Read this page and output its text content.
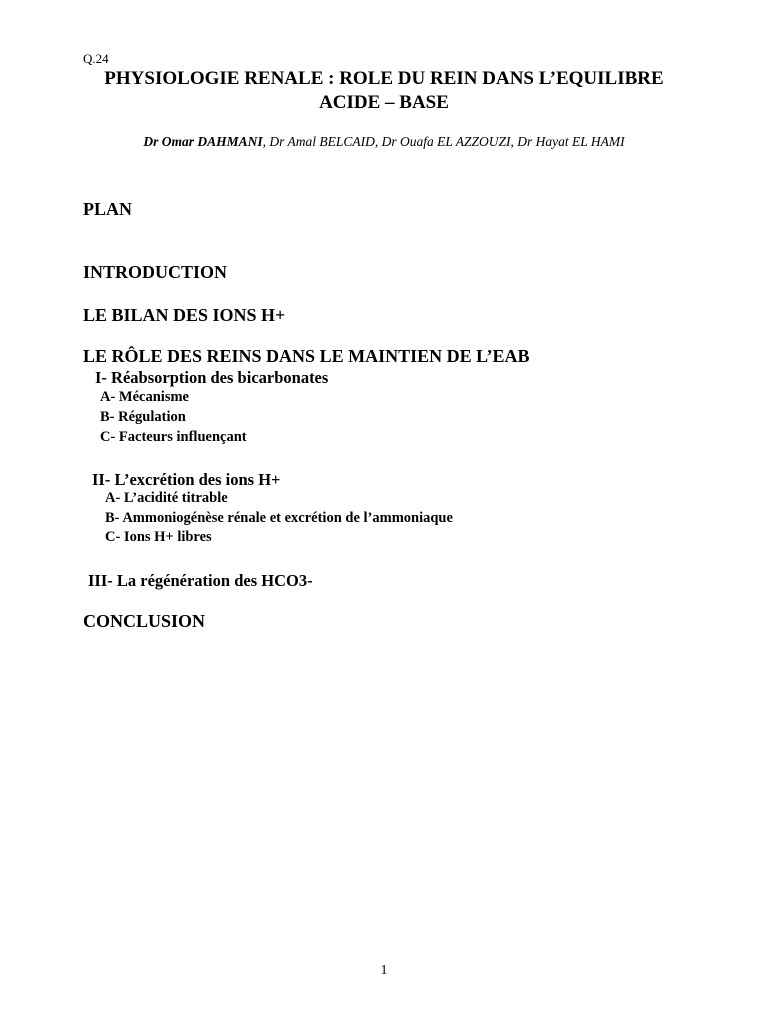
Q.24
PHYSIOLOGIE RENALE : ROLE DU REIN DANS L’EQUILIBRE
ACIDE – BASE
Dr Omar DAHMANI, Dr Amal BELCAID, Dr Ouafa EL AZZOUZI, Dr Hayat EL HAMI
PLAN
INTRODUCTION
LE BILAN DES IONS H+
LE RÔLE DES REINS DANS LE MAINTIEN DE L’EAB
I- Réabsorption des bicarbonates
A- Mécanisme
B- Régulation
C- Facteurs influençant
II- L’excrétion des ions H+
A- L’acidité titrable
B- Ammoniogénèse rénale et excrétion de l’ammoniaque
C- Ions H+ libres
III- La régénération des HCO3-
CONCLUSION
1
